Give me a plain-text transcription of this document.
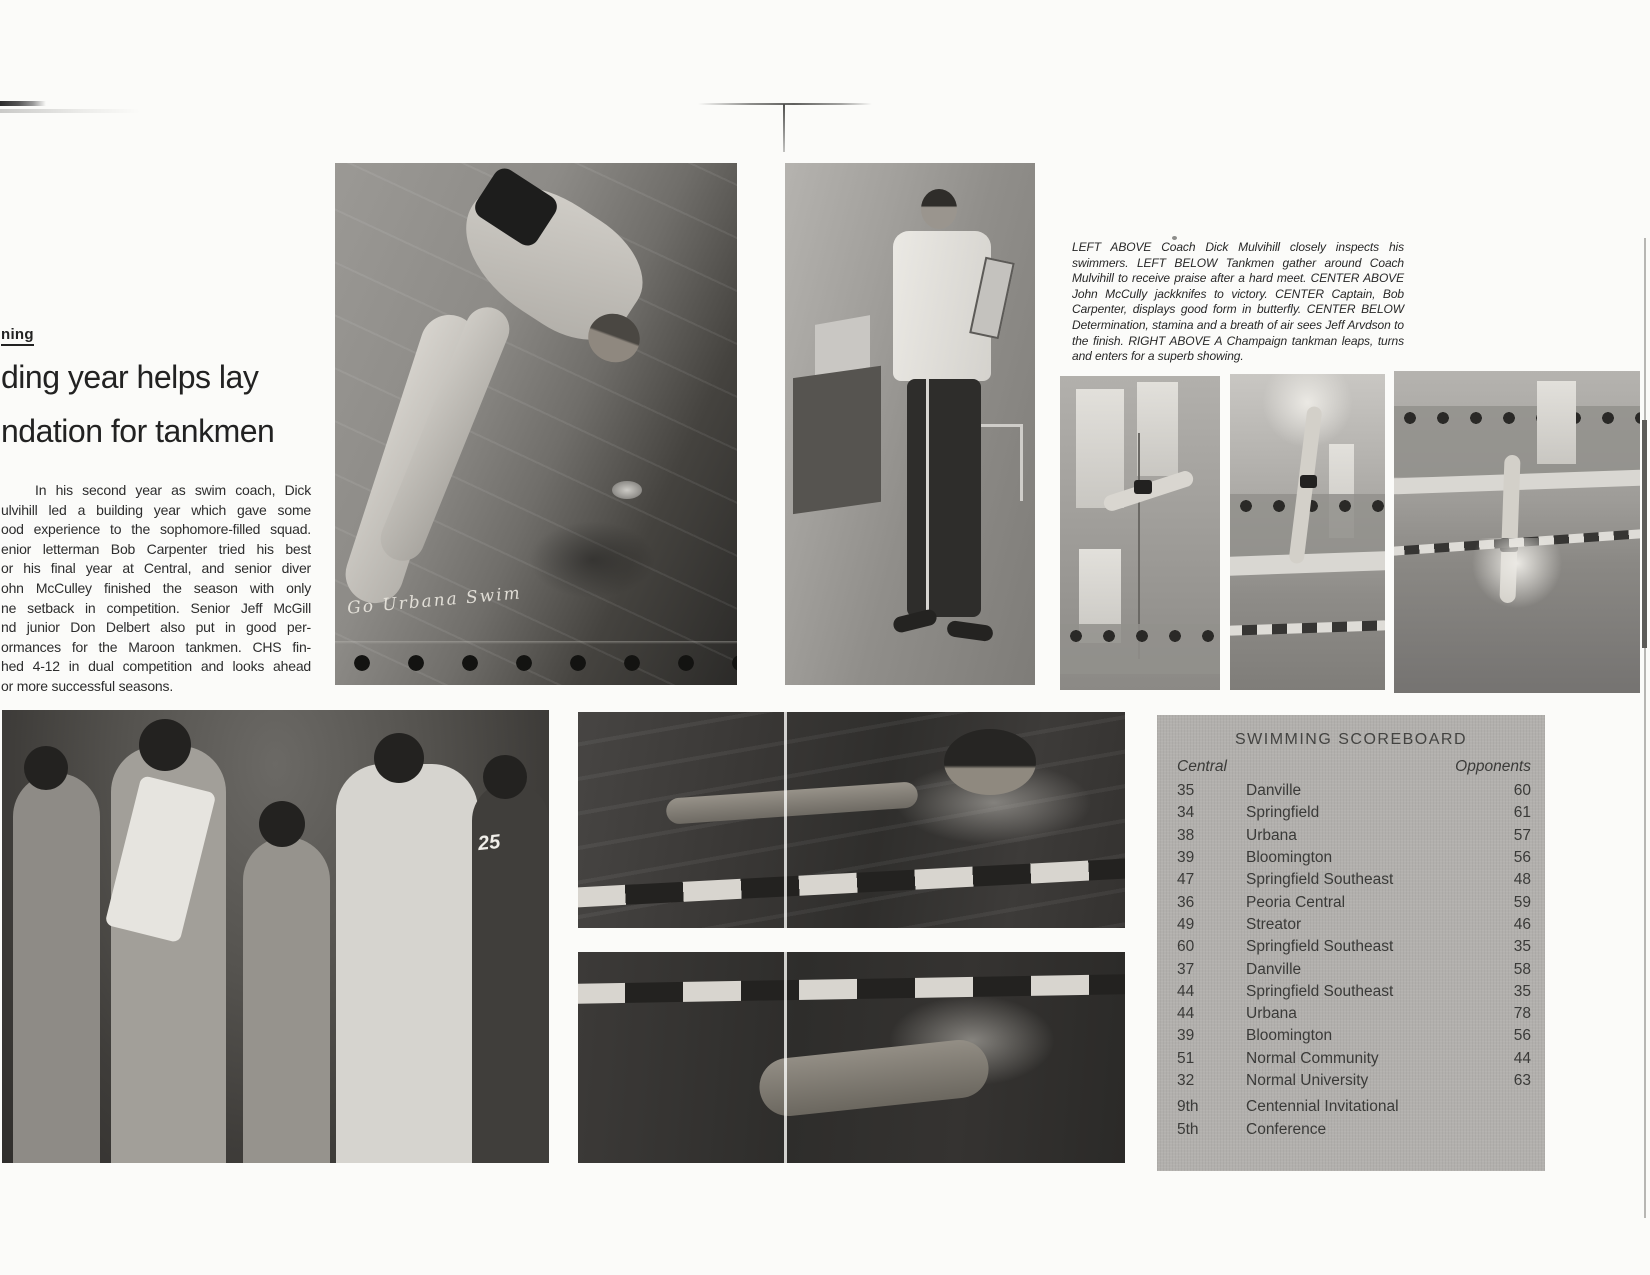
ning
ding year helps lay
ndation for tankmen
In his second year as swim coach, Dick
ulvihill led a building year which gave some
ood experience to the sophomore-filled squad.
enior letterman Bob Carpenter tried his best
or his final year at Central, and senior diver
ohn McCulley finished the season with only
ne setback in competition. Senior Jeff McGill
nd junior Don Delbert also put in good per-
ormances for the Maroon tankmen. CHS fin-
hed 4-12 in dual competition and looks ahead
or more successful seasons.

LEFT ABOVE Coach Dick Mulvihill closely inspects his swimmers. LEFT BELOW Tankmen gather around Coach Mulvihill to receive praise after a hard meet. CENTER ABOVE John McCully jackknifes to victory. CENTER Captain, Bob Carpenter, displays good form in butterfly. CENTER BELOW Determination, stamina and a breath of air sees Jeff Arvdson to the finish. RIGHT ABOVE A Champaign tankman leaps, turns and enters for a superb showing.

Go Urbana Swim
25
SWIMMING SCOREBOARD
Central	Opponents
35	Danville	60
34	Springfield	61
38	Urbana	57
39	Bloomington	56
47	Springfield Southeast	48
36	Peoria Central	59
49	Streator	46
60	Springfield Southeast	35
37	Danville	58
44	Springfield Southeast	35
44	Urbana	78
39	Bloomington	56
51	Normal Community	44
32	Normal University	63
9th	Centennial Invitational
5th	Conference
